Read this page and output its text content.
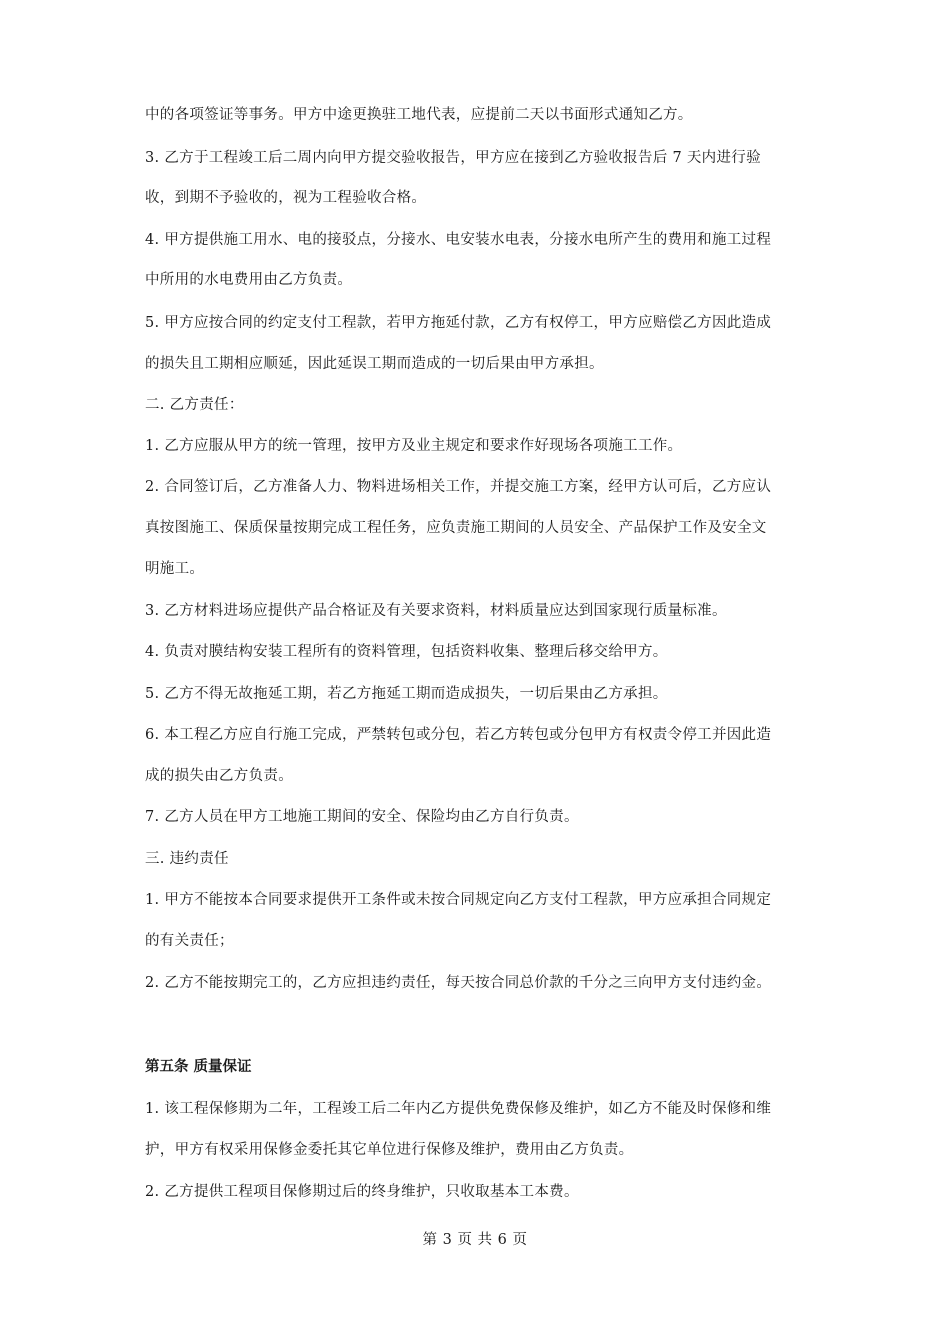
中的各项签证等事务。甲方中途更换驻工地代表，应提前二天以书面形式通知乙方。
3. 乙方于工程竣工后二周内向甲方提交验收报告，甲方应在接到乙方验收报告后 7 天内进行验
收，到期不予验收的，视为工程验收合格。
4. 甲方提供施工用水、电的接驳点，分接水、电安装水电表，分接水电所产生的费用和施工过程
中所用的水电费用由乙方负责。
5. 甲方应按合同的约定支付工程款，若甲方拖延付款，乙方有权停工，甲方应赔偿乙方因此造成
的损失且工期相应顺延，因此延误工期而造成的一切后果由甲方承担。
二. 乙方责任：
1. 乙方应服从甲方的统一管理，按甲方及业主规定和要求作好现场各项施工工作。
2. 合同签订后，乙方准备人力、物料进场相关工作，并提交施工方案，经甲方认可后，乙方应认
真按图施工、保质保量按期完成工程任务，应负责施工期间的人员安全、产品保护工作及安全文
明施工。
3. 乙方材料进场应提供产品合格证及有关要求资料，材料质量应达到国家现行质量标准。
4. 负责对膜结构安装工程所有的资料管理，包括资料收集、整理后移交给甲方。
5. 乙方不得无故拖延工期，若乙方拖延工期而造成损失，一切后果由乙方承担。
6. 本工程乙方应自行施工完成，严禁转包或分包，若乙方转包或分包甲方有权责令停工并因此造
成的损失由乙方负责。
7. 乙方人员在甲方工地施工期间的安全、保险均由乙方自行负责。
三. 违约责任
1. 甲方不能按本合同要求提供开工条件或未按合同规定向乙方支付工程款，甲方应承担合同规定
的有关责任；
2. 乙方不能按期完工的，乙方应担违约责任，每天按合同总价款的千分之三向甲方支付违约金。
第五条 质量保证
1. 该工程保修期为二年，工程竣工后二年内乙方提供免费保修及维护，如乙方不能及时保修和维
护，甲方有权采用保修金委托其它单位进行保修及维护，费用由乙方负责。
2. 乙方提供工程项目保修期过后的终身维护，只收取基本工本费。
第 3 页 共 6 页
